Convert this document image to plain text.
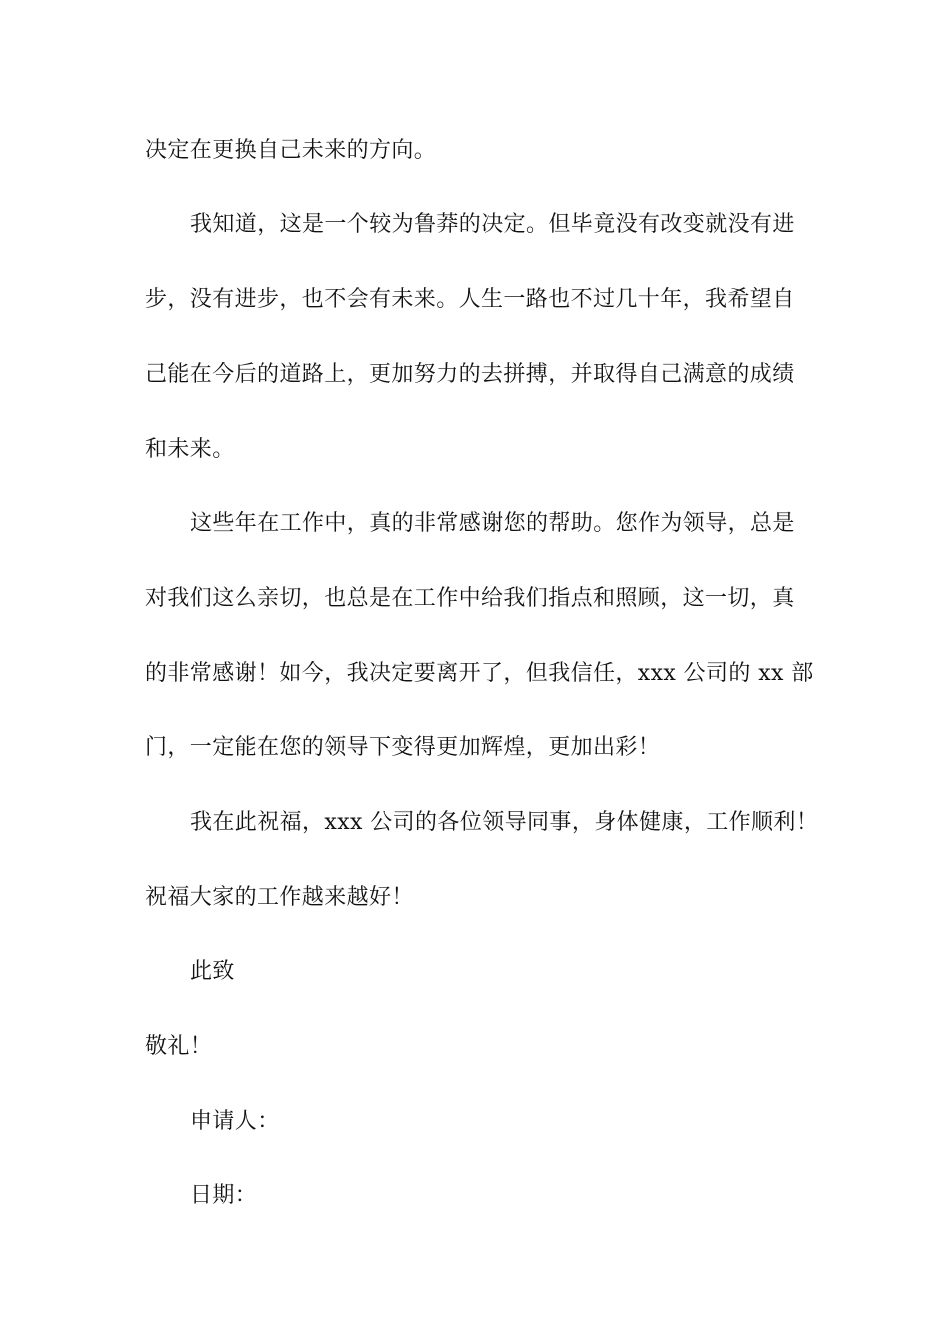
决定在更换自己未来的方向。
我知道，这是一个较为鲁莽的决定。但毕竟没有改变就没有进
步，没有进步，也不会有未来。人生一路也不过几十年，我希望自
己能在今后的道路上，更加努力的去拼搏，并取得自己满意的成绩
和未来。
这些年在工作中，真的非常感谢您的帮助。您作为领导，总是
对我们这么亲切，也总是在工作中给我们指点和照顾，这一切，真
的非常感谢！如今，我决定要离开了，但我信任，xxx 公司的 xx 部
门，一定能在您的领导下变得更加辉煌，更加出彩！
我在此祝福，xxx 公司的各位领导同事，身体健康，工作顺利！
祝福大家的工作越来越好！
此致
敬礼！
申请人：
日期：
